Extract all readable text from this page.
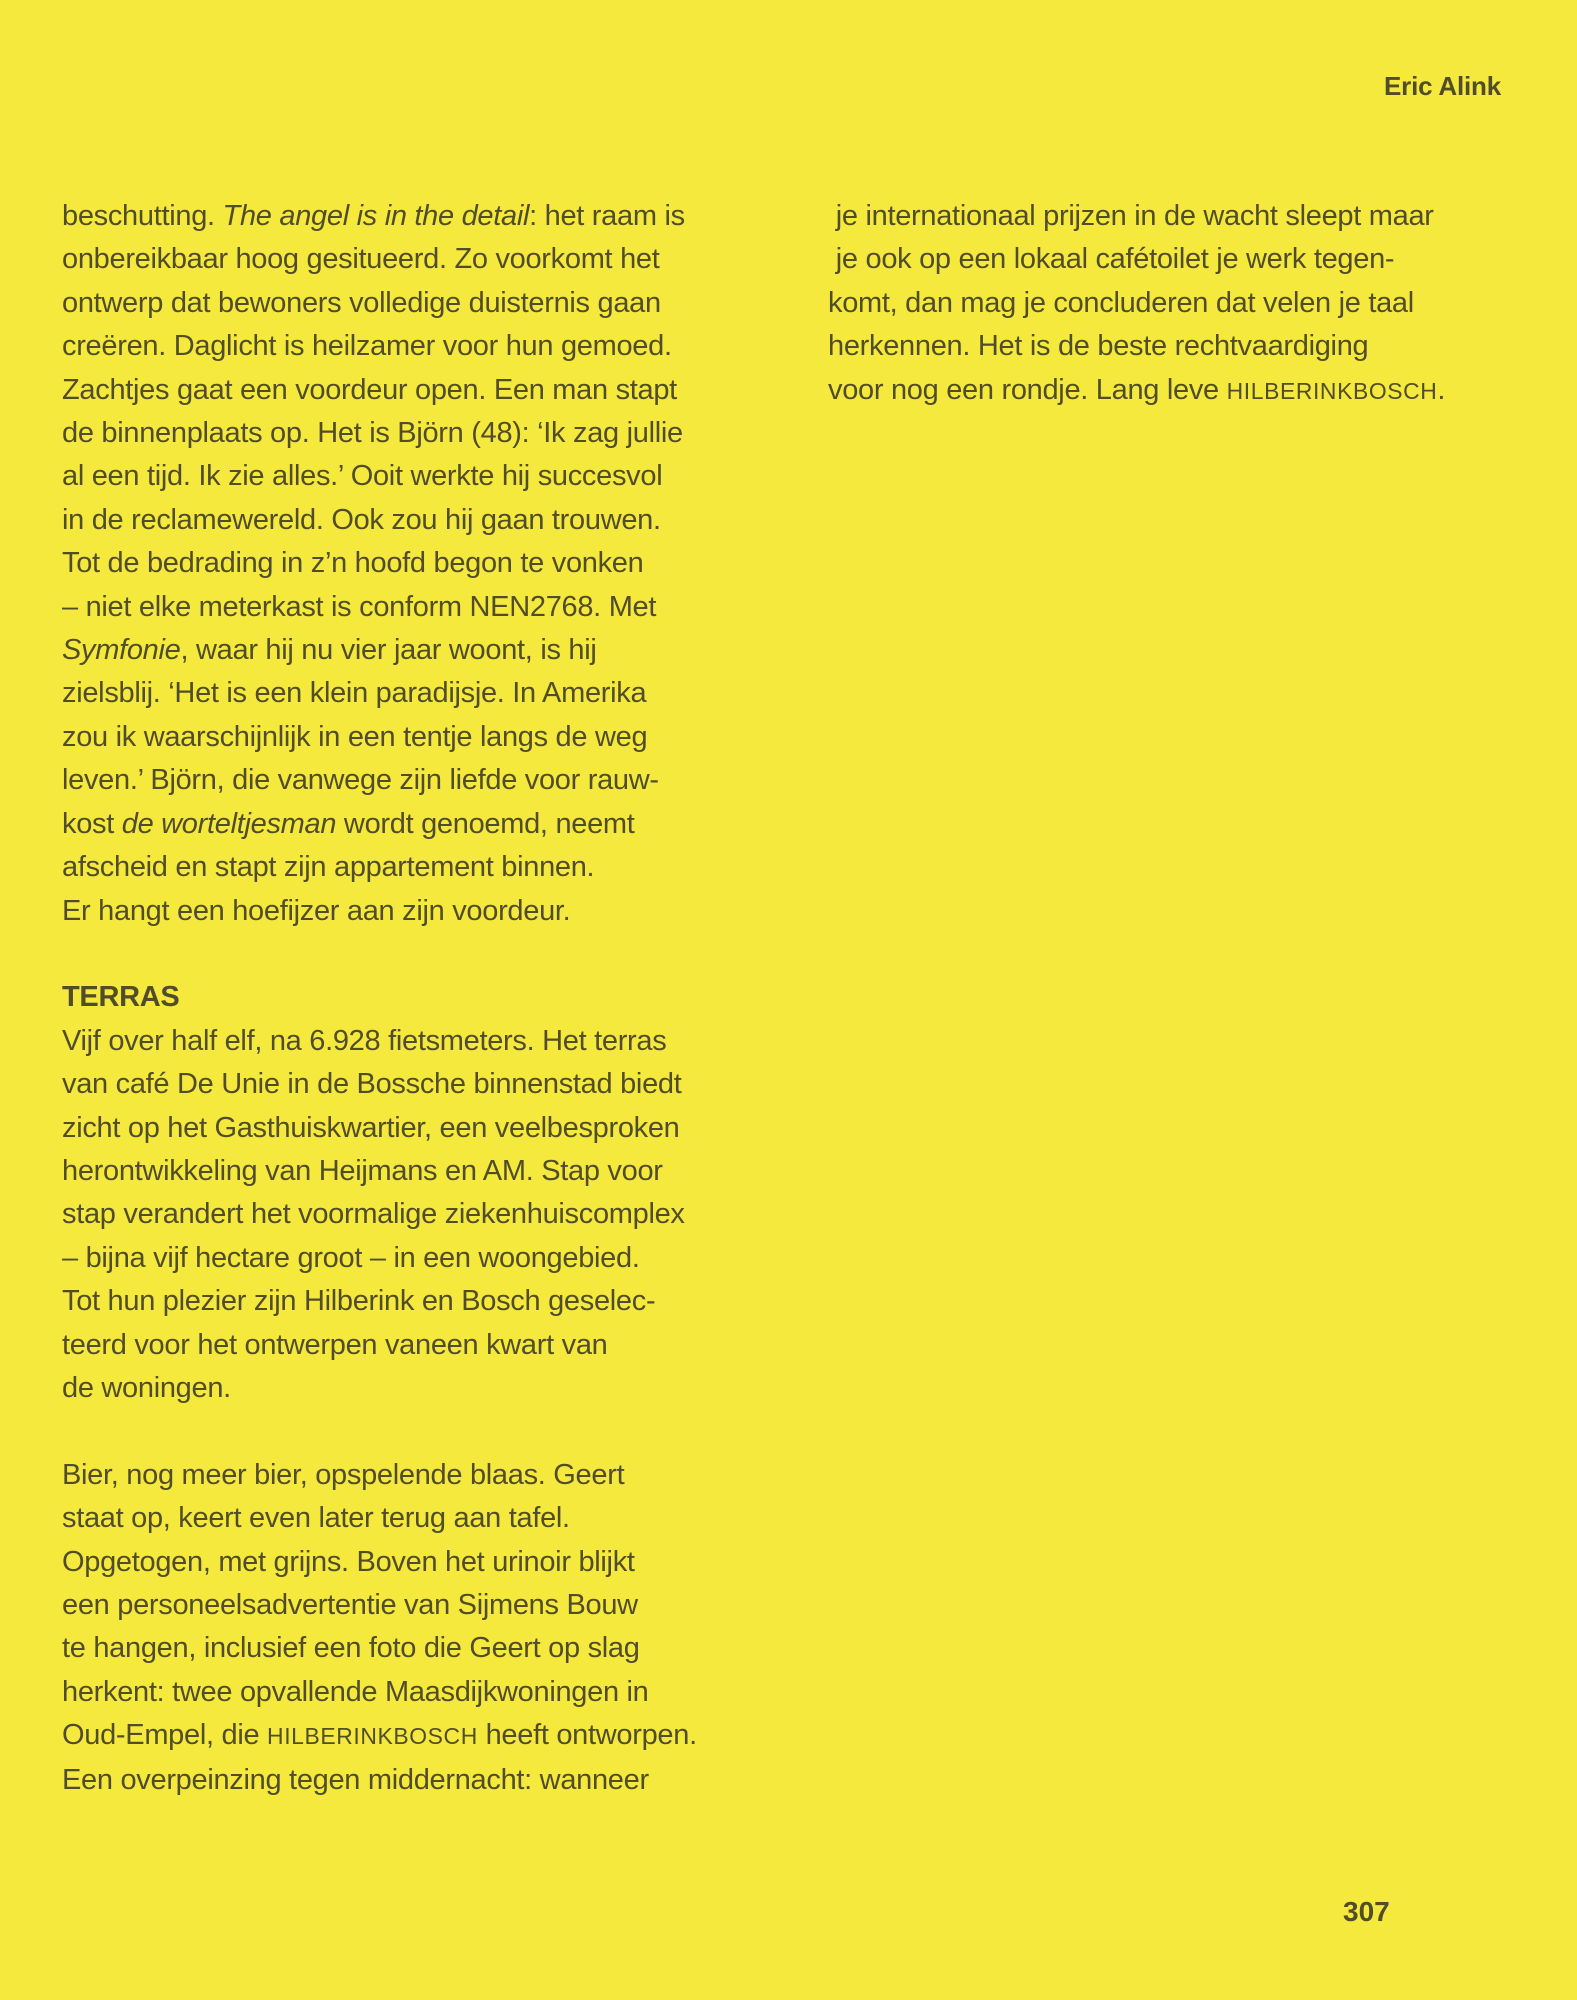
Eric Alink
beschutting. The angel is in the detail: het raam is
onbereikbaar hoog gesitueerd. Zo voorkomt het
ontwerp dat bewoners volledige duisternis gaan
creëren. Daglicht is heilzamer voor hun gemoed.
Zachtjes gaat een voordeur open. Een man stapt
de binnenplaats op. Het is Björn (48): ‘Ik zag jullie
al een tijd. Ik zie alles.’ Ooit werkte hij succesvol
in de reclamewereld. Ook zou hij gaan trouwen.
Tot de bedrading in z’n hoofd begon te vonken
– niet elke meterkast is conform NEN2768. Met
Symfonie, waar hij nu vier jaar woont, is hij
zielsblij. ‘Het is een klein paradijsje. In Amerika
zou ik waarschijnlijk in een tentje langs de weg
leven.’ Björn, die vanwege zijn liefde voor rauw-
kost de worteltjesman wordt genoemd, neemt
afscheid en stapt zijn appartement binnen.
Er hangt een hoefijzer aan zijn voordeur.
TERRAS
Vijf over half elf, na 6.928 fietsmeters. Het terras
van café De Unie in de Bossche binnenstad biedt
zicht op het Gasthuiskwartier, een veelbesproken
herontwikkeling van Heijmans en AM. Stap voor
stap verandert het voormalige ziekenhuiscomplex
– bijna vijf hectare groot – in een woongebied.
Tot hun plezier zijn Hilberink en Bosch geselec-
teerd voor het ontwerpen vaneen kwart van
de woningen.
Bier, nog meer bier, opspelende blaas. Geert
staat op, keert even later terug aan tafel.
Opgetogen, met grijns. Boven het urinoir blijkt
een personeelsadvertentie van Sijmens Bouw
te hangen, inclusief een foto die Geert op slag
herkent: twee opvallende Maasdijkwoningen in
Oud-Empel, die HILBERINKBOSCH heeft ontworpen.
Een overpeinzing tegen middernacht: wanneer
je internationaal prijzen in de wacht sleept maar
je ook op een lokaal cafétoilet je werk tegen-
komt, dan mag je concluderen dat velen je taal
herkennen. Het is de beste rechtvaardiging
voor nog een rondje. Lang leve HILBERINKBOSCH.
307
